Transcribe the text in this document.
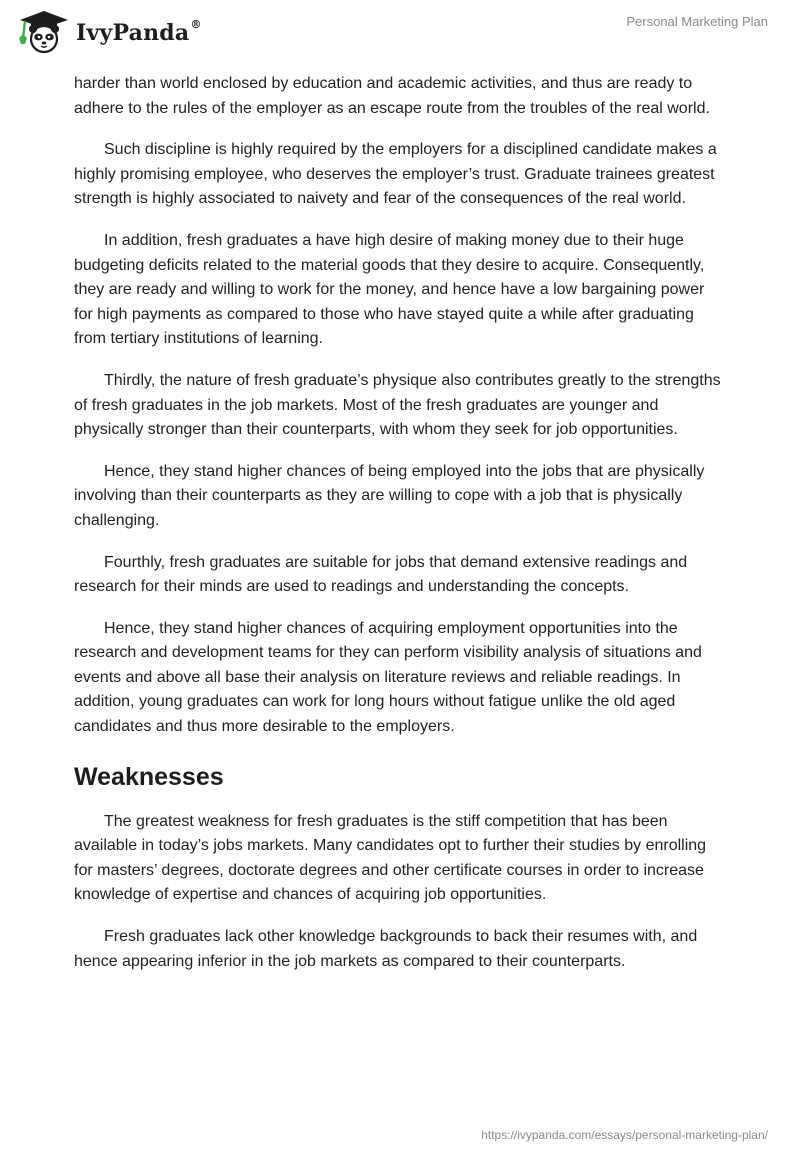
IvyPanda®	Personal Marketing Plan

harder than world enclosed by education and academic activities, and thus are ready to adhere to the rules of the employer as an escape route from the troubles of the real world.

Such discipline is highly required by the employers for a disciplined candidate makes a highly promising employee, who deserves the employer’s trust. Graduate trainees greatest strength is highly associated to naivety and fear of the consequences of the real world.

In addition, fresh graduates a have high desire of making money due to their huge budgeting deficits related to the material goods that they desire to acquire. Consequently, they are ready and willing to work for the money, and hence have a low bargaining power for high payments as compared to those who have stayed quite a while after graduating from tertiary institutions of learning.

Thirdly, the nature of fresh graduate’s physique also contributes greatly to the strengths of fresh graduates in the job markets. Most of the fresh graduates are younger and physically stronger than their counterparts, with whom they seek for job opportunities.

Hence, they stand higher chances of being employed into the jobs that are physically involving than their counterparts as they are willing to cope with a job that is physically challenging.

Fourthly, fresh graduates are suitable for jobs that demand extensive readings and research for their minds are used to readings and understanding the concepts.

Hence, they stand higher chances of acquiring employment opportunities into the research and development teams for they can perform visibility analysis of situations and events and above all base their analysis on literature reviews and reliable readings. In addition, young graduates can work for long hours without fatigue unlike the old aged candidates and thus more desirable to the employers.

Weaknesses

The greatest weakness for fresh graduates is the stiff competition that has been available in today’s jobs markets. Many candidates opt to further their studies by enrolling for masters’ degrees, doctorate degrees and other certificate courses in order to increase knowledge of expertise and chances of acquiring job opportunities.

Fresh graduates lack other knowledge backgrounds to back their resumes with, and hence appearing inferior in the job markets as compared to their counterparts.

https://ivypanda.com/essays/personal-marketing-plan/
